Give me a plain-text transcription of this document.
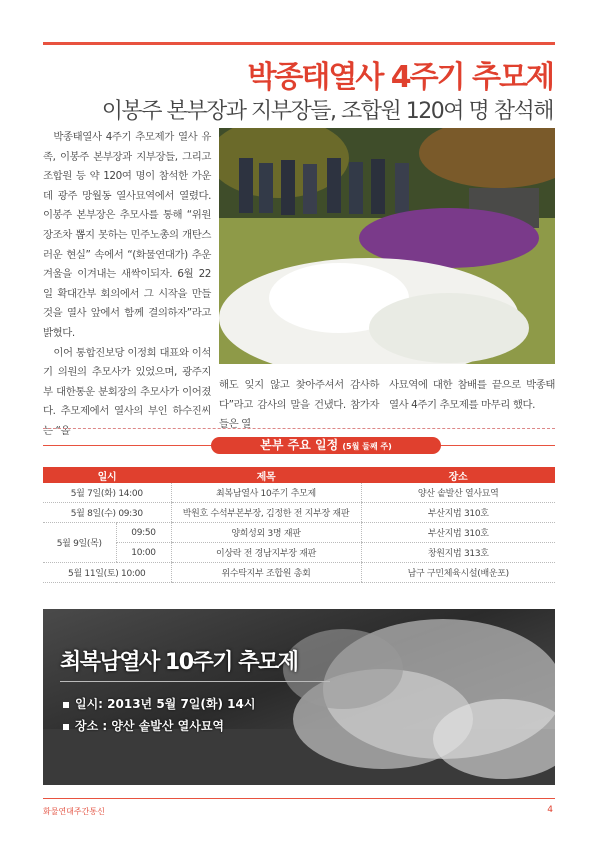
박종태열사 4주기 추모제
이봉주 본부장과 지부장들, 조합원 120여 명 참석해

박종태열사 4주기 추모제가 열사 유족, 이봉주 본부장과 지부장들, 그리고 조합원 등 약 120여 명이 참석한 가운데 광주 망월동 열사묘역에서 열렸다. 이봉주 본부장은 추모사를 통해 “위원장조차 뽑지 못하는 민주노총의 개탄스러운 현실” 속에서 “(화물연대가) 추운 겨울을 이겨내는 새싹이되자. 6월 22일 확대간부 회의에서 그 시작을 만들 것을 열사 앞에서 함께 결의하자”라고 밝혔다.

이어 통합진보당 이정희 대표와 이석기 의원의 추모사가 있었으며, 광주지부 대한통운 분회장의 추모사가 이어졌다. 추모제에서 열사의 부인 하수진씨는 “올

해도 잊지 않고 찾아주셔서 감사하다”라고 감사의 말을 건냈다. 참가자들은 열

사묘역에 대한 참배를 끝으로 박종태 열사 4주기 추모제를 마무리 했다.

본부 주요 일정 (5월 둘째 주)
일시		제목	장소
5월 7일(화) 14:00		최복남열사 10주기 추모제	양산 솥발산 열사묘역
5월 8일(수) 09:30		박원호 수석부본부장, 김정한 전 지부장 재판	부산지법 310호
5월 9일(목)	09:50	양희성외 3명 재판	부산지법 310호
	10:00	이상락 전 경남지부장 재판	창원지법 313호
5월 11일(토) 10:00		위수탁지부 조합원 총회	남구 구민체육시설(배운포)
최복남열사 10주기 추모제
일시: 2013년 5월 7일(화) 14시
장소 : 양산 솥발산 열사묘역
화물연대주간통신	4
